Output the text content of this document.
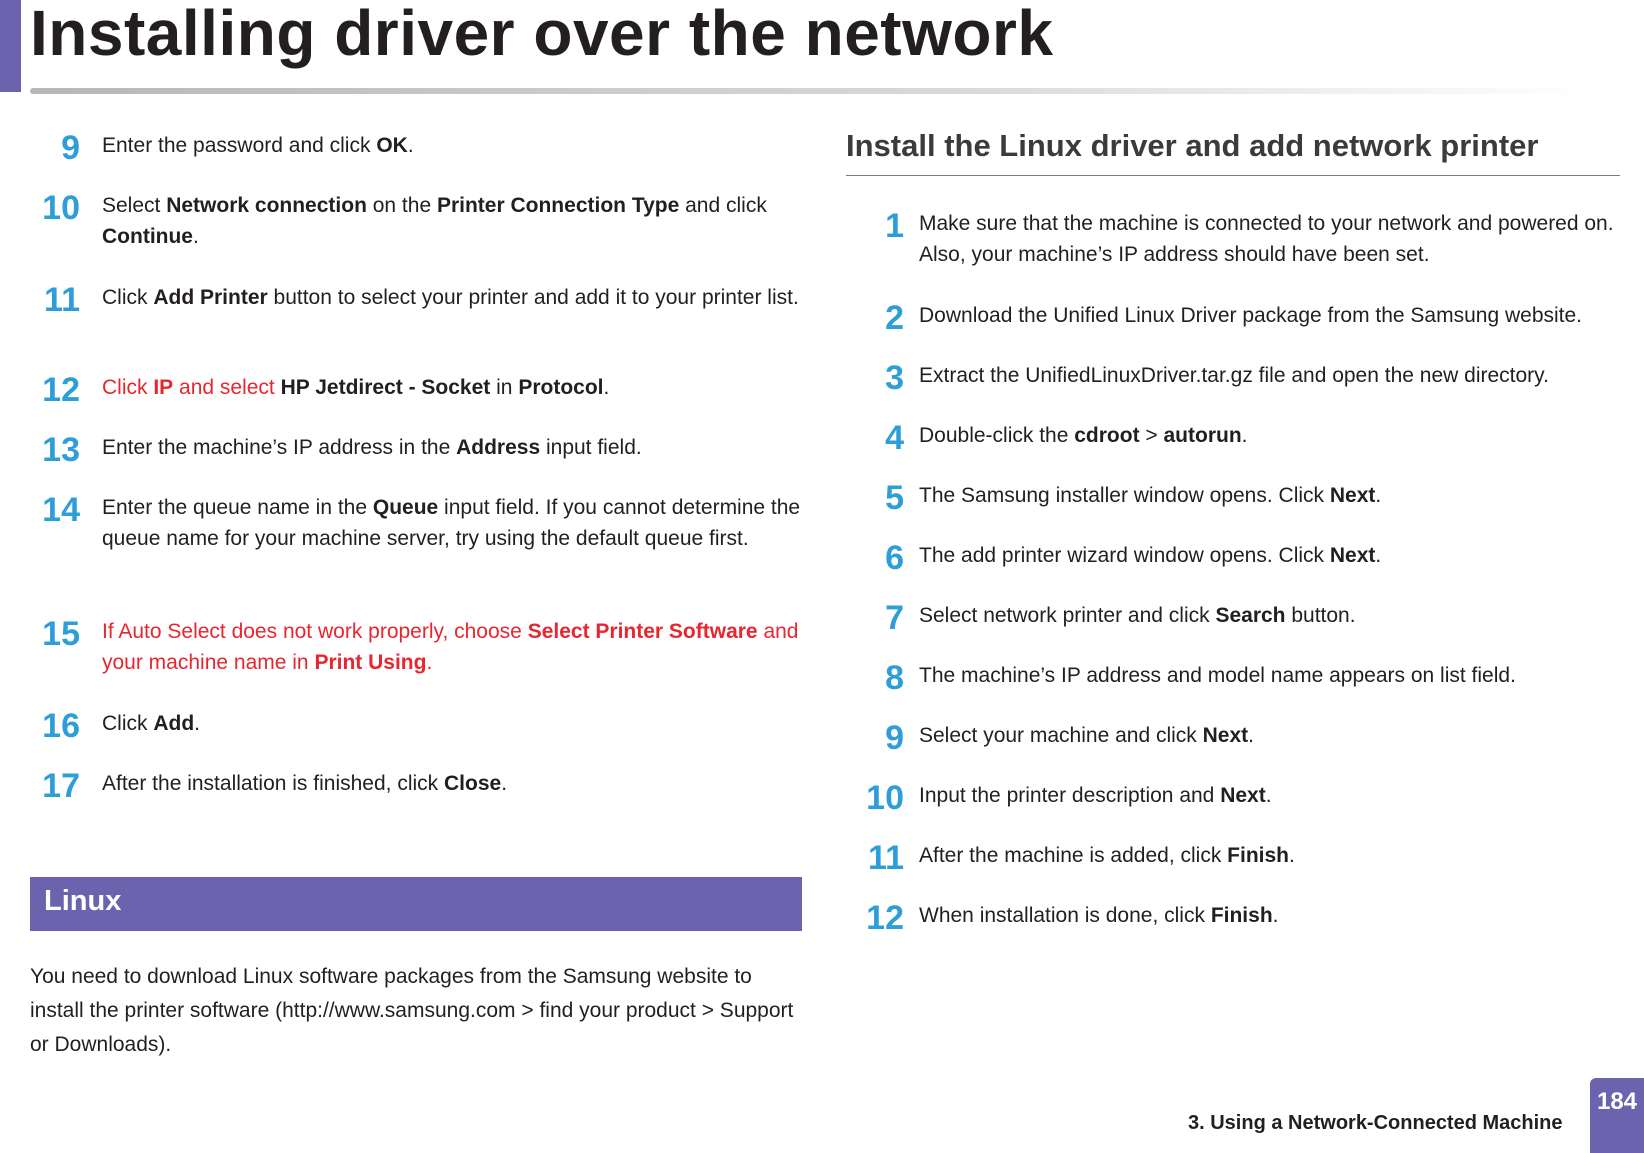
Installing driver over the network
9 Enter the password and click OK.
10 Select Network connection on the Printer Connection Type and click Continue.
11 Click Add Printer button to select your printer and add it to your printer list.
12 Click IP and select HP Jetdirect - Socket in Protocol.
13 Enter the machine’s IP address in the Address input field.
14 Enter the queue name in the Queue input field. If you cannot determine the queue name for your machine server, try using the default queue first.
15 If Auto Select does not work properly, choose Select Printer Software and your machine name in Print Using.
16 Click Add.
17 After the installation is finished, click Close.
Linux
You need to download Linux software packages from the Samsung website to install the printer software (http://www.samsung.com > find your product > Support or Downloads).
Install the Linux driver and add network printer
1 Make sure that the machine is connected to your network and powered on. Also, your machine’s IP address should have been set.
2 Download the Unified Linux Driver package from the Samsung website.
3 Extract the UnifiedLinuxDriver.tar.gz file and open the new directory.
4 Double-click the cdroot > autorun.
5 The Samsung installer window opens. Click Next.
6 The add printer wizard window opens. Click Next.
7 Select network printer and click Search button.
8 The machine’s IP address and model name appears on list field.
9 Select your machine and click Next.
10 Input the printer description and Next.
11 After the machine is added, click Finish.
12 When installation is done, click Finish.
3. Using a Network-Connected Machine
184
